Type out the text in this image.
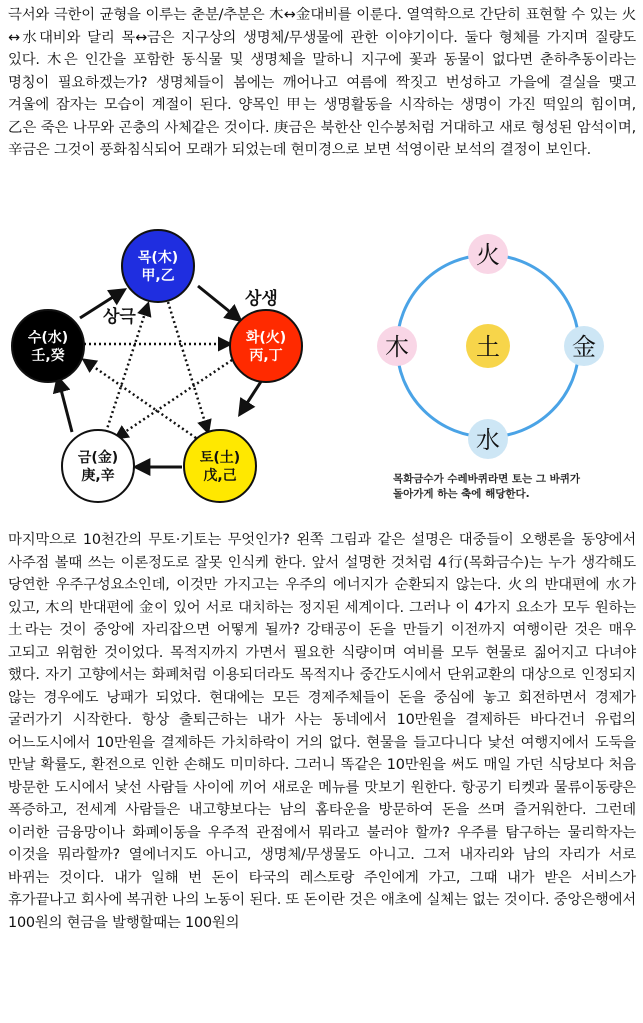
극서와 극한이 균형을 이루는 춘분/추분은 木↔金대비를 이룬다. 열역학으로 간단히 표현할 수 있는 火↔水대비와 달리 목↔금은 지구상의 생명체/무생물에 관한 이야기이다. 둘다 형체를 가지며 질량도 있다. 木은 인간을 포함한 동식물 및 생명체을 말하니 지구에 꽃과 동물이 없다면 춘하추동이라는 명칭이 필요하겠는가? 생명체들이 봄에는 깨어나고 여름에 짝짓고 번성하고 가을에 결실을 맺고 겨울에 잠자는 모습이 계절이 된다. 양목인 甲는 생명활동을 시작하는 생명이 가진 떡잎의 힘이며, 乙은 죽은 나무와 곤충의 사체같은 것이다. 庚금은 북한산 인수봉처럼 거대하고 새로 형성된 암석이며, 辛금은 그것이 풍화침식되어 모래가 되었는데 현미경으로 보면 석영이란 보석의 결정이 보인다.
상생
상극
목(木)
甲,乙
화(火)
丙,丁
토(土)
戊,己
금(金)
庚,辛
수(水)
壬,癸
火
木	土	金
水
목화금수가 수레바퀴라면 토는 그 바퀴가
돌아가게 하는 축에 해당한다.
마지막으로 10천간의 무토·기토는 무엇인가? 왼쪽 그림과 같은 설명은 대중들이 오행론을 동양에서 사주점 볼때 쓰는 이론정도로 잘못 인식케 한다. 앞서 설명한 것처럼 4行(목화금수)는 누가 생각해도 당연한 우주구성요소인데, 이것만 가지고는 우주의 에너지가 순환되지 않는다. 火의 반대편에 水가 있고, 木의 반대편에 金이 있어 서로 대치하는 정지된 세계이다. 그러나 이 4가지 요소가 모두 원하는 土라는 것이 중앙에 자리잡으면 어떻게 될까? 강태공이 돈을 만들기 이전까지 여행이란 것은 매우 고되고 위험한 것이었다. 목적지까지 가면서 필요한 식량이며 여비를 모두 현물로 짊어지고 다녀야 했다. 자기 고향에서는 화폐처럼 이용되더라도 목적지나 중간도시에서 단위교환의 대상으로 인정되지 않는 경우에도 낭패가 되었다. 현대에는 모든 경제주체들이 돈을 중심에 놓고 회전하면서 경제가 굴러가기 시작한다. 항상 출퇴근하는 내가 사는 동네에서 10만원을 결제하든 바다건너 유럽의 어느도시에서 10만원을 결제하든 가치하락이 거의 없다. 현물을 들고다니다 낯선 여행지에서 도둑을 만날 확률도, 환전으로 인한 손해도 미미하다. 그러니 똑같은 10만원을 써도 매일 가던 식당보다 처음 방문한 도시에서 낯선 사람들 사이에 끼어 새로운 메뉴를 맛보기 원한다. 항공기 티켓과 물류이동량은 폭증하고, 전세계 사람들은 내고향보다는 남의 홈타운을 방문하여 돈을 쓰며 즐거워한다. 그런데 이러한 금융망이나 화폐이동을 우주적 관점에서 뭐라고 불러야 할까? 우주를 탐구하는 물리학자는 이것을 뭐라할까? 열에너지도 아니고, 생명체/무생물도 아니고. 그저 내자리와 남의 자리가 서로 바뀌는 것이다. 내가 일해 번 돈이 타국의 레스토랑 주인에게 가고, 그때 내가 받은 서비스가 휴가끝나고 회사에 복귀한 나의 노동이 된다. 또 돈이란 것은 애초에 실체는 없는 것이다. 중앙은행에서 100원의 현금을 발행할때는 100원의
